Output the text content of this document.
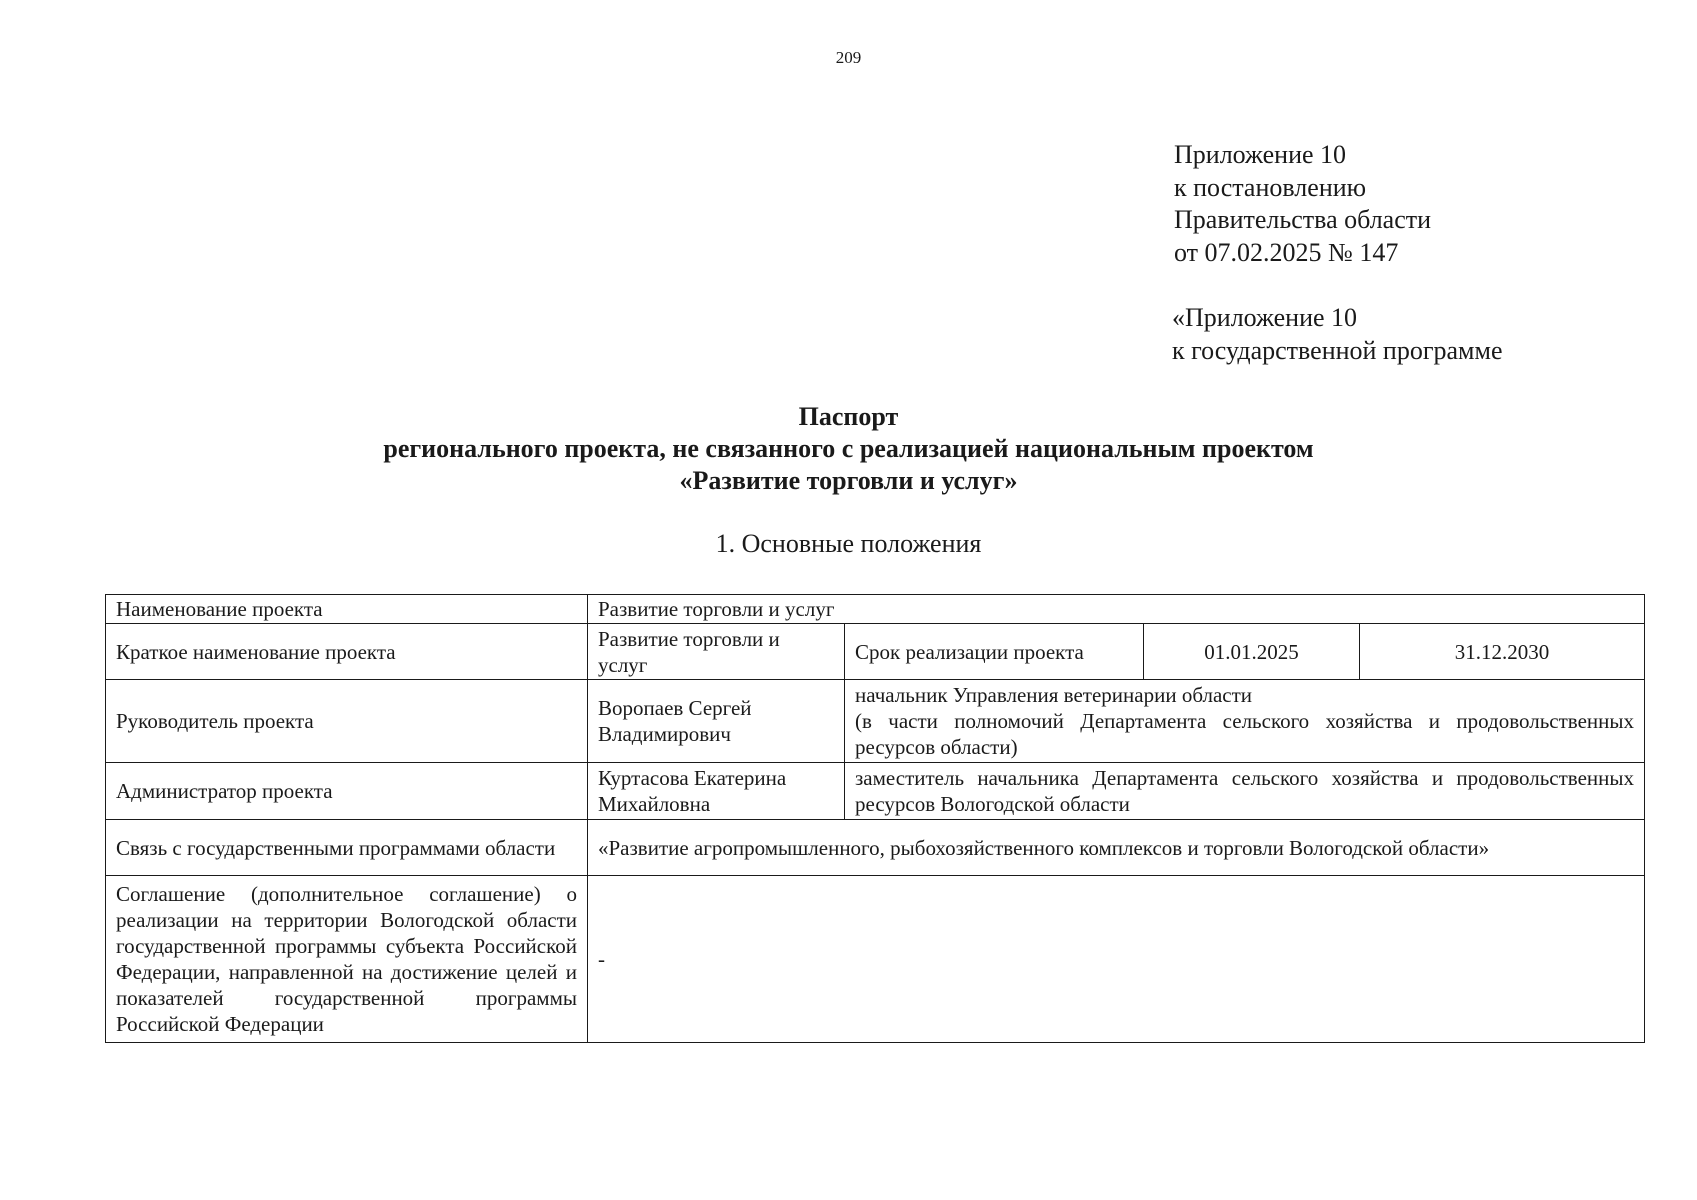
209
Приложение 10
к постановлению
Правительства области
от 07.02.2025 № 147
«Приложение 10
к государственной программе
Паспорт
регионального проекта, не связанного с реализацией национальным проектом
«Развитие торговли и услуг»
1. Основные положения
Наименование проекта	Развитие торговли и услуг			
Краткое наименование проекта	Развитие торговли и услуг	Срок реализации проекта	01.01.2025	31.12.2030
Руководитель проекта	Воропаев Сергей Владимирович	начальник Управления ветеринарии области
(в части полномочий Департамента сельского хозяйства и продовольственных ресурсов области)		

Администратор проекта	Куртасова Екатерина Михайловна	заместитель начальника Департамента сельского хозяйства и продовольственных ресурсов Вологодской области		
Связь с государственными программами области	«Развитие агропромышленного, рыбохозяйственного комплексов и торговли Вологодской области»			
Соглашение (дополнительное соглашение) о реализации на территории Вологодской области государственной программы субъекта Российской Федерации, направленной на достижение целей и показателей государственной программы Российской Федерации	-			
